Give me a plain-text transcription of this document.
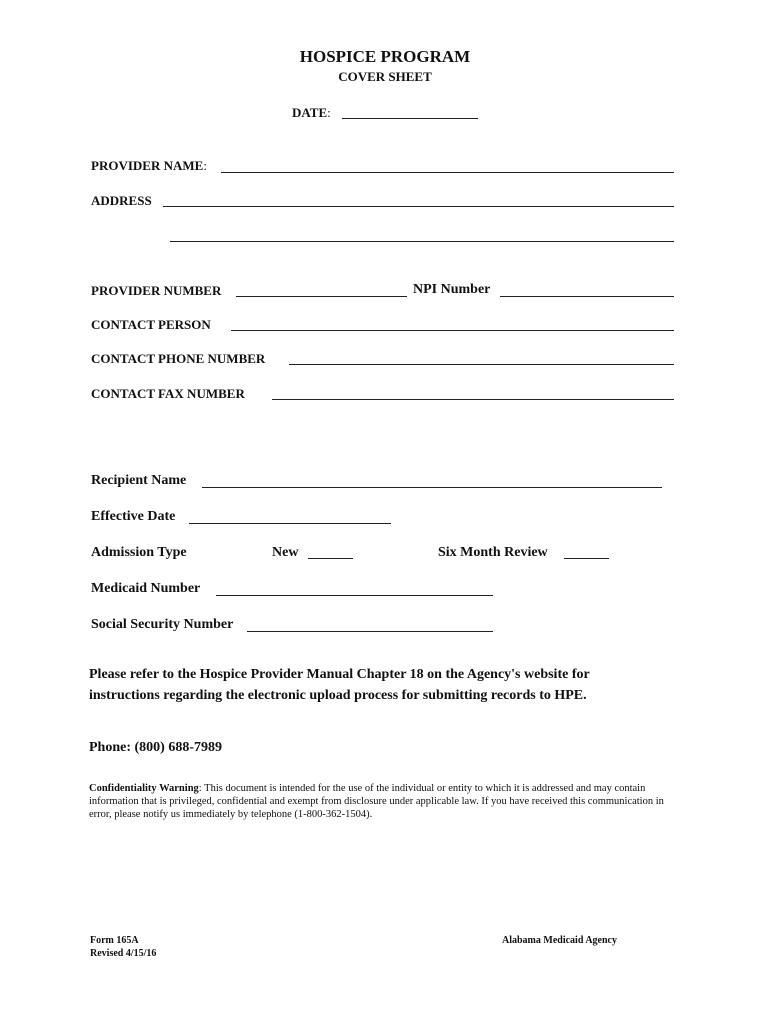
HOSPICE PROGRAM
COVER SHEET
DATE:
PROVIDER NAME:
ADDRESS
PROVIDER NUMBER	NPI Number
CONTACT PERSON
CONTACT PHONE NUMBER
CONTACT FAX NUMBER
Recipient Name
Effective Date
Admission Type	New	Six Month Review
Medicaid Number
Social Security Number
Please refer to the Hospice Provider Manual Chapter 18 on the Agency's website for instructions regarding the electronic upload process for submitting records to HPE.
Phone: (800) 688-7989
Confidentiality Warning: This document is intended for the use of the individual or entity to which it is addressed and may contain information that is privileged, confidential and exempt from disclosure under applicable law. If you have received this communication in error, please notify us immediately by telephone (1-800-362-1504).
Form 165A
Revised 4/15/16
Alabama Medicaid Agency
